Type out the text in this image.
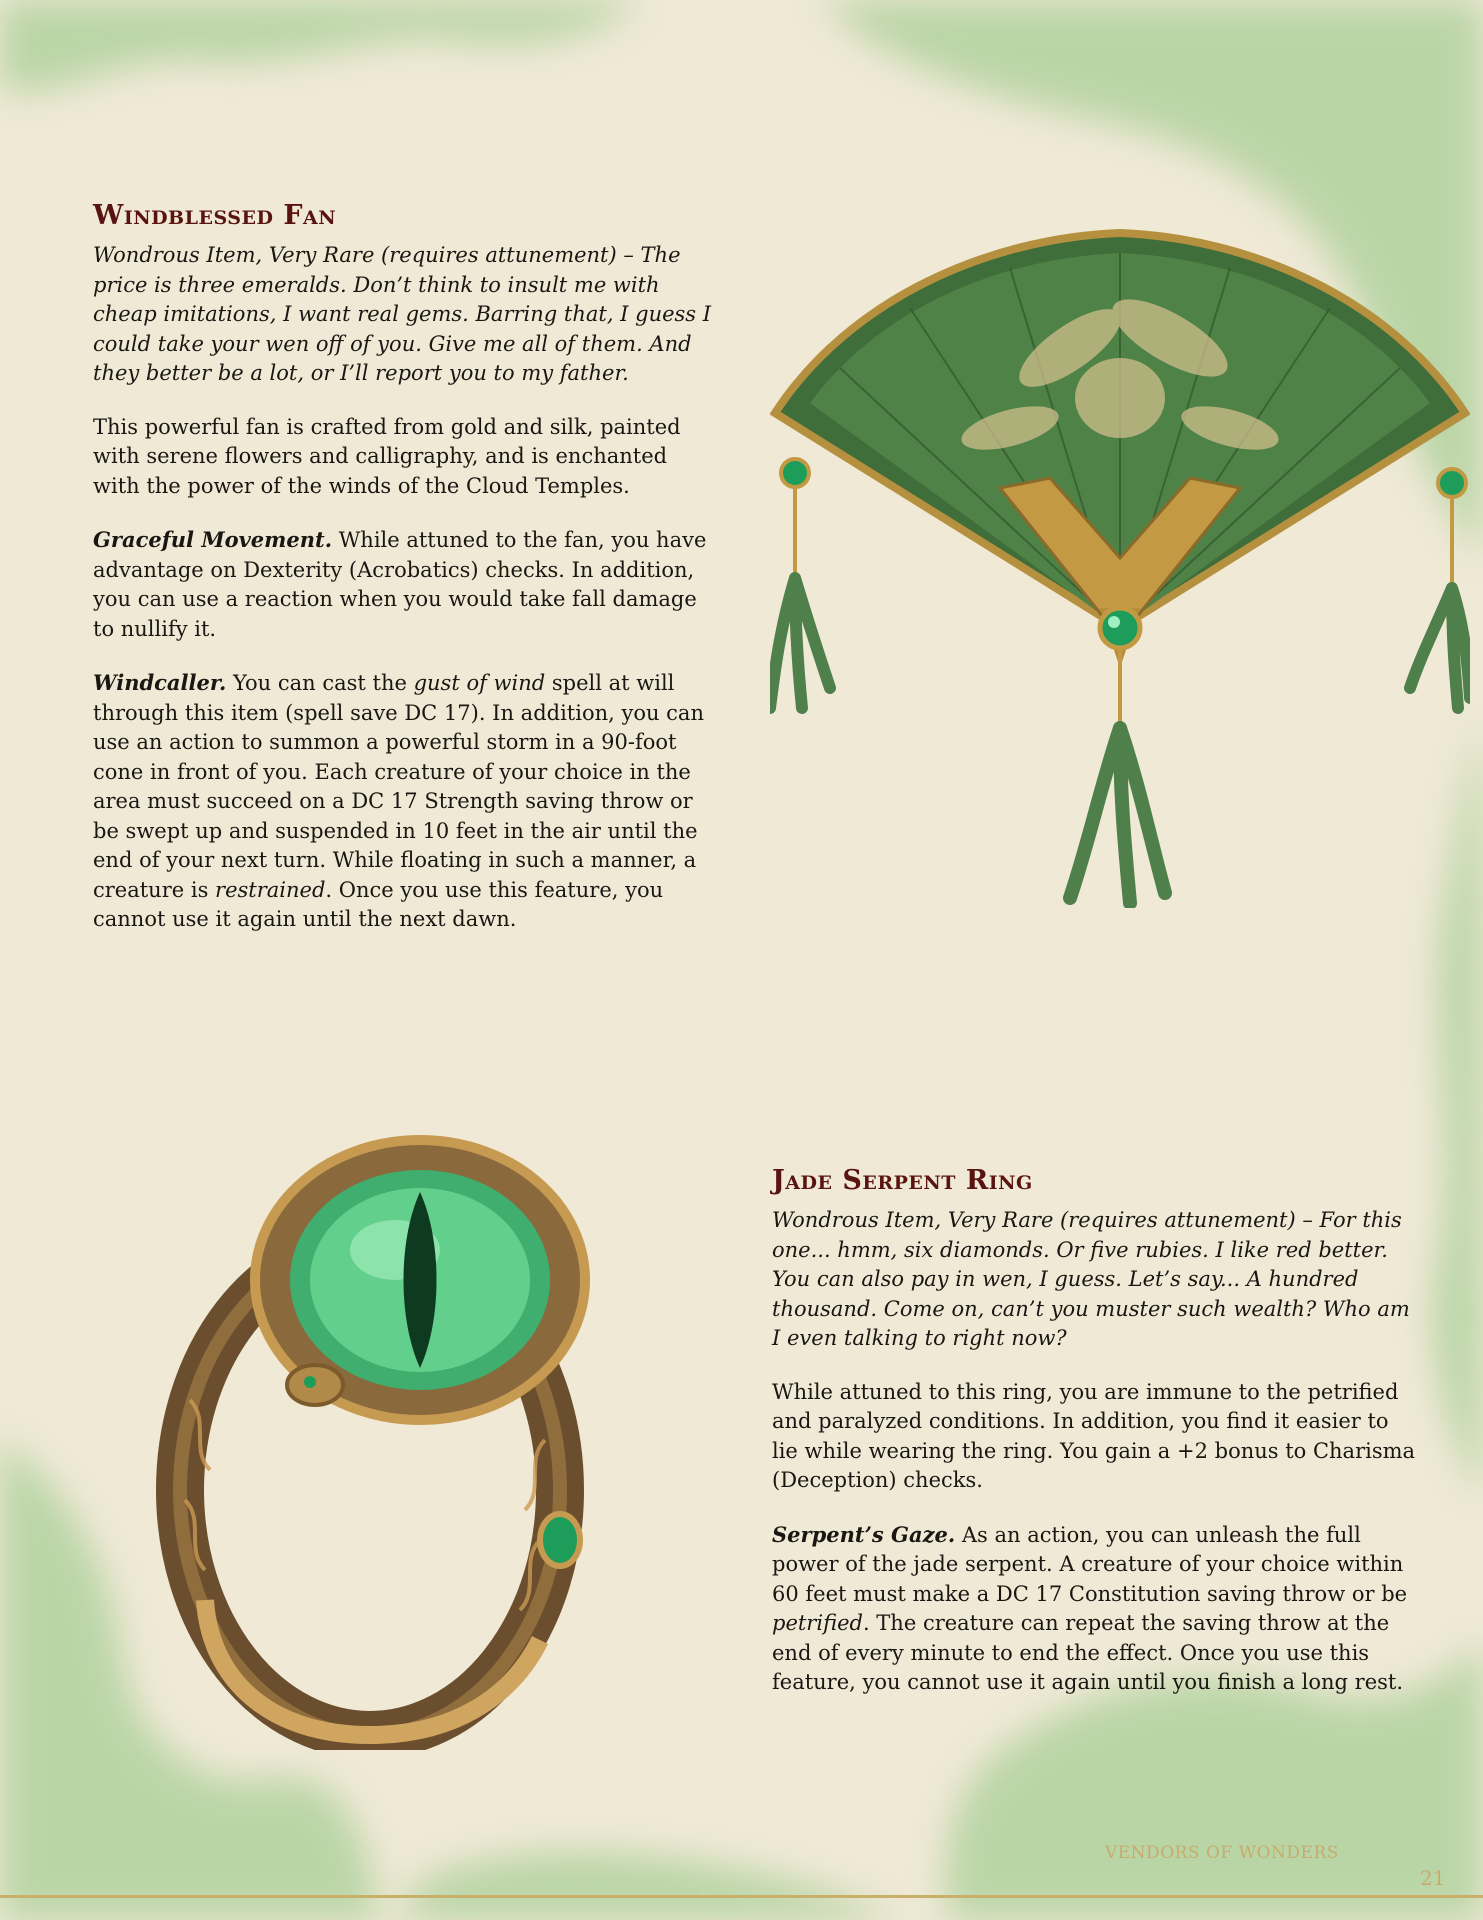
Windblessed Fan

Wondrous Item, Very Rare (requires attunement) – The price is three emeralds. Don’t think to insult me with cheap imitations, I want real gems. Barring that, I guess I could take your wen off of you. Give me all of them. And they better be a lot, or I’ll report you to my father.

This powerful fan is crafted from gold and silk, painted with serene flowers and calligraphy, and is enchanted with the power of the winds of the Cloud Temples.

Graceful Movement. While attuned to the fan, you have advantage on Dexterity (Acrobatics) checks. In addition, you can use a reaction when you would take fall damage to nullify it.

Windcaller. You can cast the gust of wind spell at will through this item (spell save DC 17). In addition, you can use an action to summon a powerful storm in a 90-foot cone in front of you. Each creature of your choice in the area must succeed on a DC 17 Strength saving throw or be swept up and suspended in 10 feet in the air until the end of your next turn. While floating in such a manner, a creature is restrained. Once you use this feature, you cannot use it again until the next dawn.

Jade Serpent Ring

Wondrous Item, Very Rare (requires attunement) – For this one... hmm, six diamonds. Or five rubies. I like red better. You can also pay in wen, I guess. Let’s say... A hundred thousand. Come on, can’t you muster such wealth? Who am I even talking to right now?

While attuned to this ring, you are immune to the petrified and paralyzed conditions. In addition, you find it easier to lie while wearing the ring. You gain a +2 bonus to Charisma (Deception) checks.

Serpent’s Gaze. As an action, you can unleash the full power of the jade serpent. A creature of your choice within 60 feet must make a DC 17 Constitution saving throw or be petrified. The creature can repeat the saving throw at the end of every minute to end the effect. Once you use this feature, you cannot use it again until you finish a long rest.

VENDORS OF WONDERS
21
